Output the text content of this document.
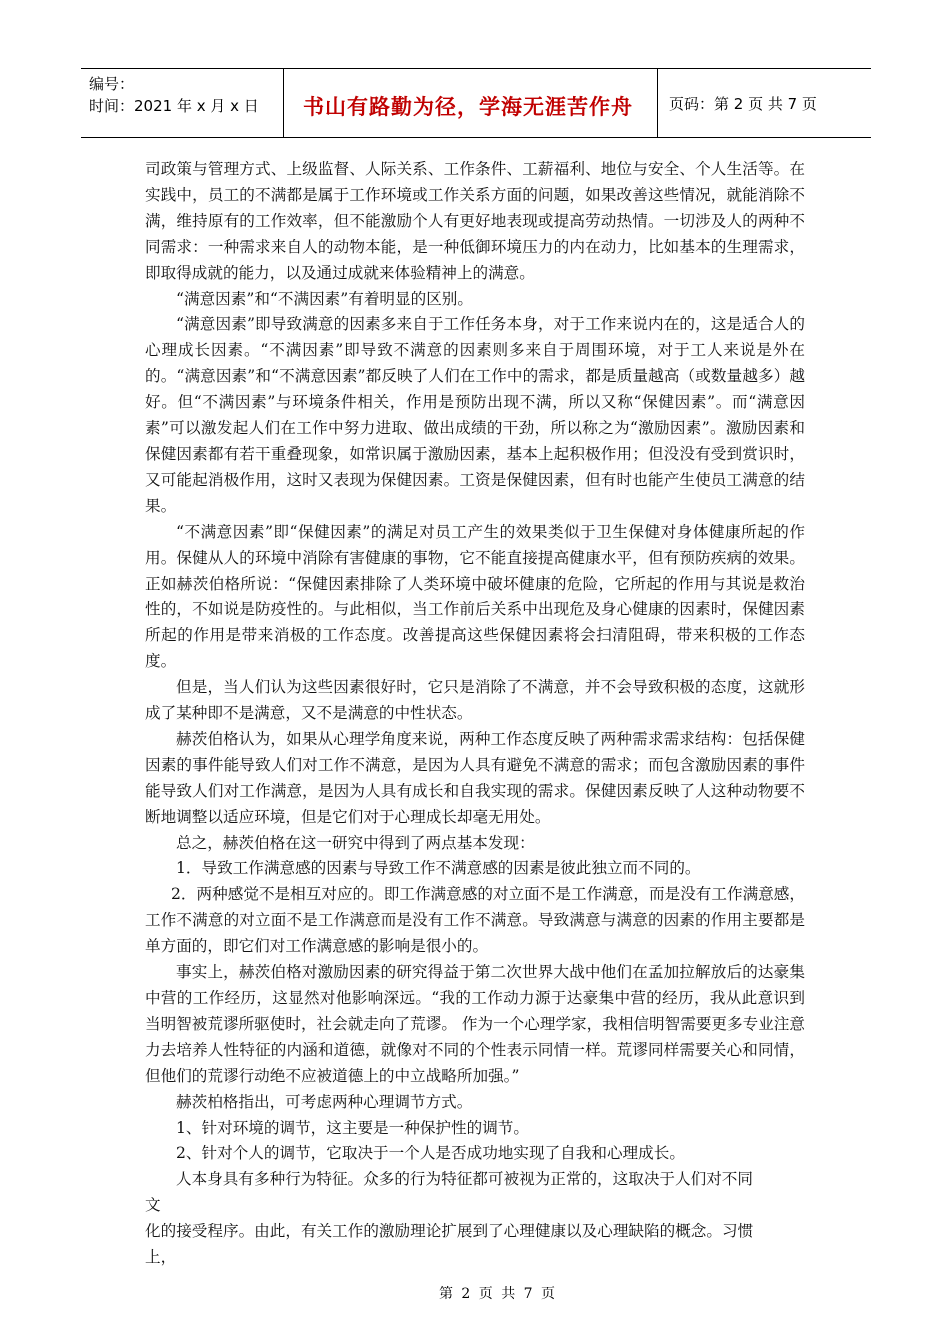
编号：
时间：2021 年 x 月 x 日	书山有路勤为径，学海无涯苦作舟	页码：第 2 页 共 7 页

司政策与管理方式、上级监督、人际关系、工作条件、工薪福利、地位与安全、个人生活等。在实践中，员工的不满都是属于工作环境或工作关系方面的问题，如果改善这些情况，就能消除不满，维持原有的工作效率，但不能激励个人有更好地表现或提高劳动热情。一切涉及人的两种不同需求：一种需求来自人的动物本能，是一种低御环境压力的内在动力，比如基本的生理需求，即取得成就的能力，以及通过成就来体验精神上的满意。

“满意因素”和“不满因素”有着明显的区别。

“满意因素”即导致满意的因素多来自于工作任务本身，对于工作来说内在的，这是适合人的心理成长因素。“不满因素”即导致不满意的因素则多来自于周围环境，对于工人来说是外在的。“满意因素”和“不满意因素”都反映了人们在工作中的需求，都是质量越高（或数量越多）越好。但“不满因素”与环境条件相关，作用是预防出现不满，所以又称“保健因素”。而“满意因素”可以激发起人们在工作中努力进取、做出成绩的干劲，所以称之为“激励因素”。激励因素和保健因素都有若干重叠现象，如常识属于激励因素，基本上起积极作用；但没没有受到赏识时，又可能起消极作用，这时又表现为保健因素。工资是保健因素，但有时也能产生使员工满意的结果。

“不满意因素”即“保健因素”的满足对员工产生的效果类似于卫生保健对身体健康所起的作用。保健从人的环境中消除有害健康的事物，它不能直接提高健康水平，但有预防疾病的效果。正如赫茨伯格所说：“保健因素排除了人类环境中破坏健康的危险，它所起的作用与其说是救治性的，不如说是防疫性的。与此相似，当工作前后关系中出现危及身心健康的因素时，保健因素所起的作用是带来消极的工作态度。改善提高这些保健因素将会扫清阻碍，带来积极的工作态度。

但是，当人们认为这些因素很好时，它只是消除了不满意，并不会导致积极的态度，这就形成了某种即不是满意，又不是满意的中性状态。

赫茨伯格认为，如果从心理学角度来说，两种工作态度反映了两种需求需求结构：包括保健因素的事件能导致人们对工作不满意，是因为人具有避免不满意的需求；而包含激励因素的事件能导致人们对工作满意，是因为人具有成长和自我实现的需求。保健因素反映了人这种动物要不断地调整以适应环境，但是它们对于心理成长却毫无用处。

总之，赫茨伯格在这一研究中得到了两点基本发现：

1．导致工作满意感的因素与导致工作不满意感的因素是彼此独立而不同的。

2．两种感觉不是相互对应的。即工作满意感的对立面不是工作满意，而是没有工作满意感，工作不满意的对立面不是工作满意而是没有工作不满意。导致满意与满意的因素的作用主要都是单方面的，即它们对工作满意感的影响是很小的。

事实上，赫茨伯格对激励因素的研究得益于第二次世界大战中他们在孟加拉解放后的达豪集中营的工作经历，这显然对他影响深远。“我的工作动力源于达豪集中营的经历，我从此意识到当明智被荒谬所驱使时，社会就走向了荒谬。 作为一个心理学家，我相信明智需要更多专业注意力去培养人性特征的内涵和道德，就像对不同的个性表示同情一样。荒谬同样需要关心和同情，但他们的荒谬行动绝不应被道德上的中立战略所加强。”

赫茨柏格指出，可考虑两种心理调节方式。

1、针对环境的调节，这主要是一种保护性的调节。

2、针对个人的调节，它取决于一个人是否成功地实现了自我和心理成长。

人本身具有多种行为特征。众多的行为特征都可被视为正常的，这取决于人们对不同

文

化的接受程序。由此，有关工作的激励理论扩展到了心理健康以及心理缺陷的概念。习惯

上，

第 2 页 共 7 页
